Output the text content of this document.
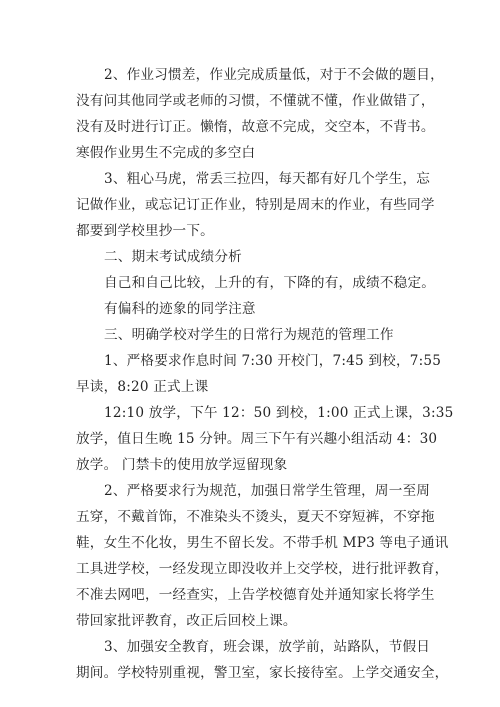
2、作业习惯差，作业完成质量低，对于不会做的题目，
没有问其他同学或老师的习惯，不懂就不懂，作业做错了，
没有及时进行订正。懒惰，故意不完成，交空本，不背书。
寒假作业男生不完成的多空白
3、粗心马虎，常丢三拉四，每天都有好几个学生，忘
记做作业，或忘记订正作业，特别是周末的作业，有些同学
都要到学校里抄一下。
二、期末考试成绩分析
自己和自己比较，上升的有，下降的有，成绩不稳定。
有偏科的迹象的同学注意
三、明确学校对学生的日常行为规范的管理工作
1、严格要求作息时间 7:30 开校门，7:45 到校，7:55
早读，8:20 正式上课
12:10 放学，下午 12：50 到校，1:00 正式上课，3:35
放学，值日生晚 15 分钟。周三下午有兴趣小组活动 4：30
放学。 门禁卡的使用放学逗留现象
2、严格要求行为规范，加强日常学生管理，周一至周
五穿，不戴首饰，不准染头不烫头，夏天不穿短裤，不穿拖
鞋，女生不化妆，男生不留长发。不带手机 MP3 等电子通讯
工具进学校，一经发现立即没收并上交学校，进行批评教育，
不准去网吧，一经查实，上告学校德育处并通知家长将学生
带回家批评教育，改正后回校上课。
3、加强安全教育，班会课，放学前，站路队，节假日
期间。学校特别重视，警卫室，家长接待室。上学交通安全，
